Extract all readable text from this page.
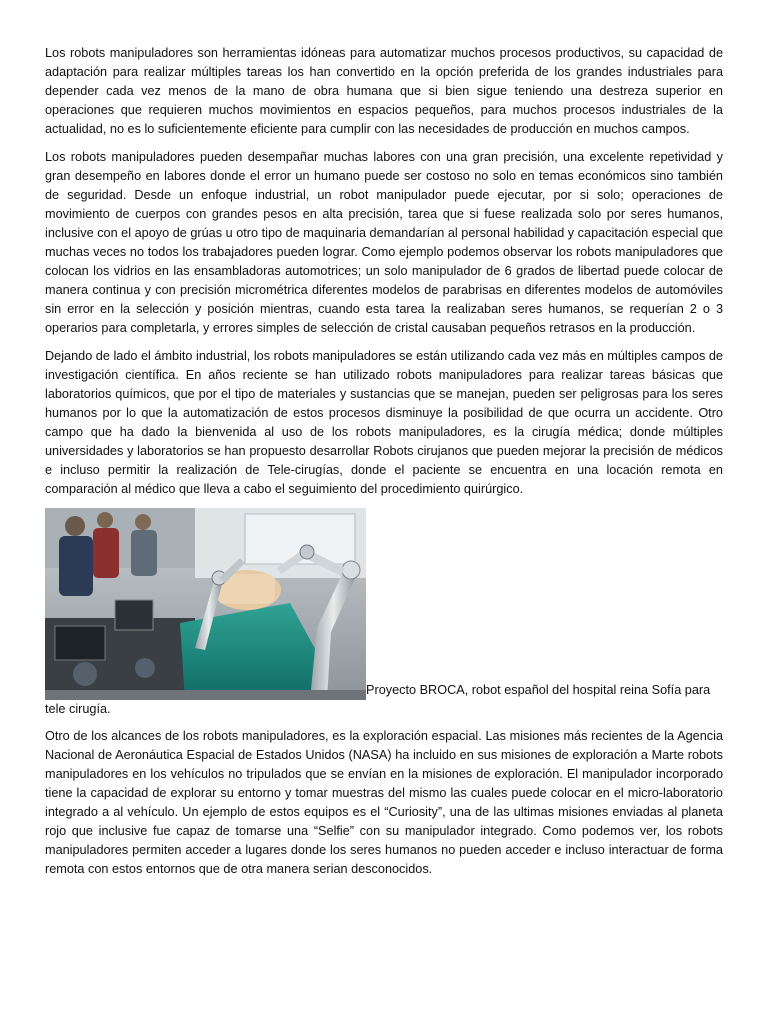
Los robots manipuladores son herramientas idóneas para automatizar muchos procesos productivos, su capacidad de adaptación para realizar múltiples tareas los han convertido en la opción preferida de los grandes industriales para depender cada vez menos de la mano de obra humana que si bien sigue teniendo una destreza superior en operaciones que requieren muchos movimientos en espacios pequeños, para muchos procesos industriales de la actualidad, no es lo suficientemente eficiente para cumplir con las necesidades de producción en muchos campos.

Los robots manipuladores pueden desempañar muchas labores con una gran precisión, una excelente repetividad y gran desempeño en labores donde el error un humano puede ser costoso no solo en temas económicos sino también de seguridad. Desde un enfoque industrial, un robot manipulador puede ejecutar, por si solo; operaciones de movimiento de cuerpos con grandes pesos en alta precisión, tarea que si fuese realizada solo por seres humanos, inclusive con el apoyo de grúas u otro tipo de maquinaria demandarían al personal habilidad y capacitación especial que muchas veces no todos los trabajadores pueden lograr. Como ejemplo podemos observar los robots manipuladores que colocan los vidrios en las ensambladoras automotrices; un solo manipulador de 6 grados de libertad puede colocar de manera continua y con precisión micrométrica diferentes modelos de parabrisas en diferentes modelos de automóviles sin error en la selección y posición mientras, cuando esta tarea la realizaban seres humanos, se requerían 2 o 3 operarios para completarla, y errores simples de selección de cristal causaban pequeños retrasos en la producción.

Dejando de lado el ámbito industrial, los robots manipuladores se están utilizando cada vez más en múltiples campos de investigación científica. En años reciente se han utilizado robots manipuladores para realizar tareas básicas que laboratorios químicos, que por el tipo de materiales y sustancias que se manejan, pueden ser peligrosas para los seres humanos por lo que la automatización de estos procesos disminuye la posibilidad de que ocurra un accidente. Otro campo que ha dado la bienvenida al uso de los robots manipuladores, es la cirugía médica; donde múltiples universidades y laboratorios se han propuesto desarrollar Robots cirujanos que pueden mejorar la precisión de médicos e incluso permitir la realización de Tele-cirugías, donde el paciente se encuentra en una locación remota en comparación al médico que lleva a cabo el seguimiento del procedimiento quirúrgico.

Proyecto BROCA, robot español del hospital reina Sofía para tele cirugía.

Otro de los alcances de los robots manipuladores, es la exploración espacial. Las misiones más recientes de la Agencia Nacional de Aeronáutica Espacial de Estados Unidos (NASA) ha incluido en sus misiones de exploración a Marte robots manipuladores en los vehículos no tripulados que se envían en la misiones de exploración. El manipulador incorporado tiene la capacidad de explorar su entorno y tomar muestras del mismo las cuales puede colocar en el micro-laboratorio integrado a al vehículo. Un ejemplo de estos equipos es el “Curiosity”, una de las ultimas misiones enviadas al planeta rojo que inclusive fue capaz de tomarse una “Selfie” con su manipulador integrado. Como podemos ver, los robots manipuladores permiten acceder a lugares donde los seres humanos no pueden acceder e incluso interactuar de forma remota con estos entornos que de otra manera serian desconocidos.
